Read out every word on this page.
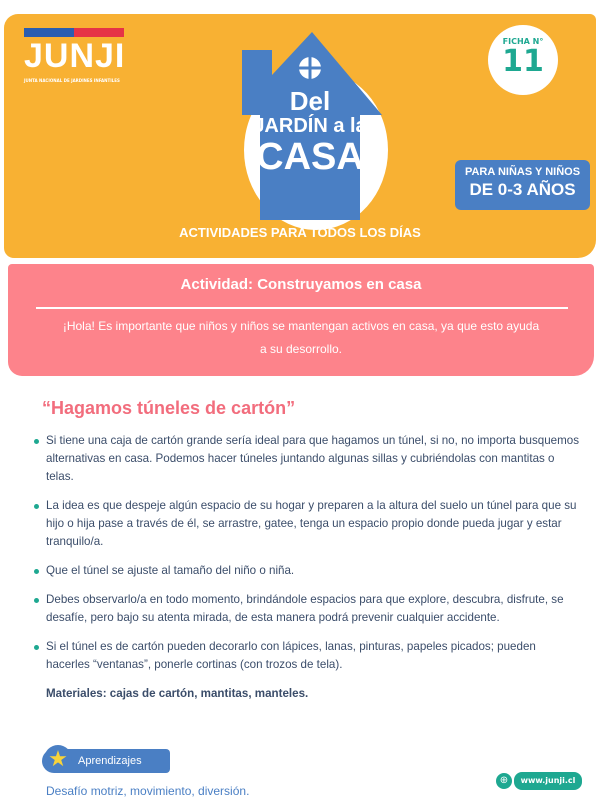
JUNJI
JUNTA NACIONAL DE JARDINES INFANTILES
Del
JARDÍN a la
CASA
FICHA N°
11
PARA NIÑAS Y NIÑOS
DE 0-3 AÑOS
ACTIVIDADES PARA TODOS LOS DÍAS
Actividad: Construyamos en casa

¡Hola! Es importante que niños y niños se mantengan activos en casa, ya que esto ayuda a su desorrollo.

“Hagamos túneles de cartón”
Si tiene una caja de cartón grande sería ideal para que hagamos un túnel, si no, no importa busquemos alternativas en casa. Podemos hacer túneles juntando algunas sillas y cubriéndolas con mantitas o telas.
La idea es que despeje algún espacio de su hogar y preparen a la altura del suelo un túnel para que su hijo o hija pase a través de él, se arrastre, gatee, tenga un espacio propio donde pueda jugar y estar tranquilo/a.
Que el túnel se ajuste al tamaño del niño o niña.
Debes observarlo/a en todo momento, brindándole espacios para que explore, descubra, disfrute, se desafíe, pero bajo su atenta mirada, de esta manera podrá prevenir cualquier accidente.
Si el túnel es de cartón pueden decorarlo con lápices, lanas, pinturas, papeles picados; pueden hacerles “ventanas”, ponerle cortinas (con trozos de tela).
Materiales: cajas de cartón, mantitas, manteles.
Aprendizajes
★
Desafío motriz, movimiento, diversión.
⊕	www.junji.cl
